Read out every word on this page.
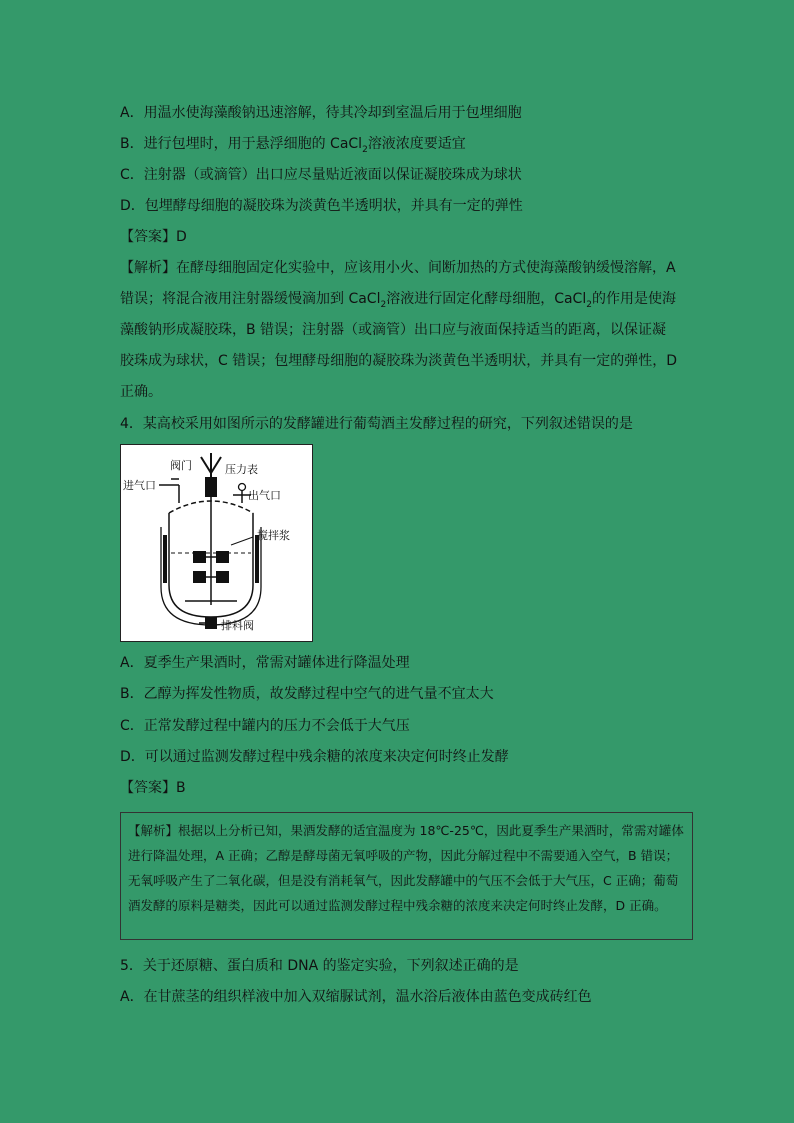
A．用温水使海藻酸钠迅速溶解，待其冷却到室温后用于包埋细胞
B．进行包埋时，用于悬浮细胞的 CaCl$_2$溶液浓度要适宜
C．注射器（或滴管）出口应尽量贴近液面以保证凝胶珠成为球状
D．包埋酵母细胞的凝胶珠为淡黄色半透明状，并具有一定的弹性
【答案】D
【解析】在酵母细胞固定化实验中，应该用小火、间断加热的方式使海藻酸钠缓慢溶解，A 错误；将混合液用注射器缓慢滴加到 CaCl$_2$溶液进行固定化酵母细胞，CaCl$_2$的作用是使海藻酸钠形成凝胶珠，B 错误；注射器（或滴管）出口应与液面保持适当的距离，以保证凝胶珠成为球状，C 错误；包埋酵母细胞的凝胶珠为淡黄色半透明状，并具有一定的弹性，D 正确。
4．某高校采用如图所示的发酵罐进行葡萄酒主发酵过程的研究，下列叙述错误的是
阀门	压力表
进气口
出气口
搅拌浆
排料阀
A．夏季生产果酒时，常需对罐体进行降温处理
B．乙醇为挥发性物质，故发酵过程中空气的进气量不宜太大
C．正常发酵过程中罐内的压力不会低于大气压
D．可以通过监测发酵过程中残余糖的浓度来决定何时终止发酵
【答案】B
【解析】根据以上分析已知，果酒发酵的适宜温度为 18℃-25℃，因此夏季生产果酒时，常需对罐体进行降温处理，A 正确；乙醇是酵母菌无氧呼吸的产物，因此分解过程中不需要通入空气，B 错误；无氧呼吸产生了二氧化碳，但是没有消耗氧气，因此发酵罐中的气压不会低于大气压，C 正确；葡萄酒发酵的原料是糖类，因此可以通过监测发酵过程中残余糖的浓度来决定何时终止发酵，D 正确。
5．关于还原糖、蛋白质和 DNA 的鉴定实验，下列叙述正确的是
A．在甘蔗茎的组织样液中加入双缩脲试剂，温水浴后液体由蓝色变成砖红色
